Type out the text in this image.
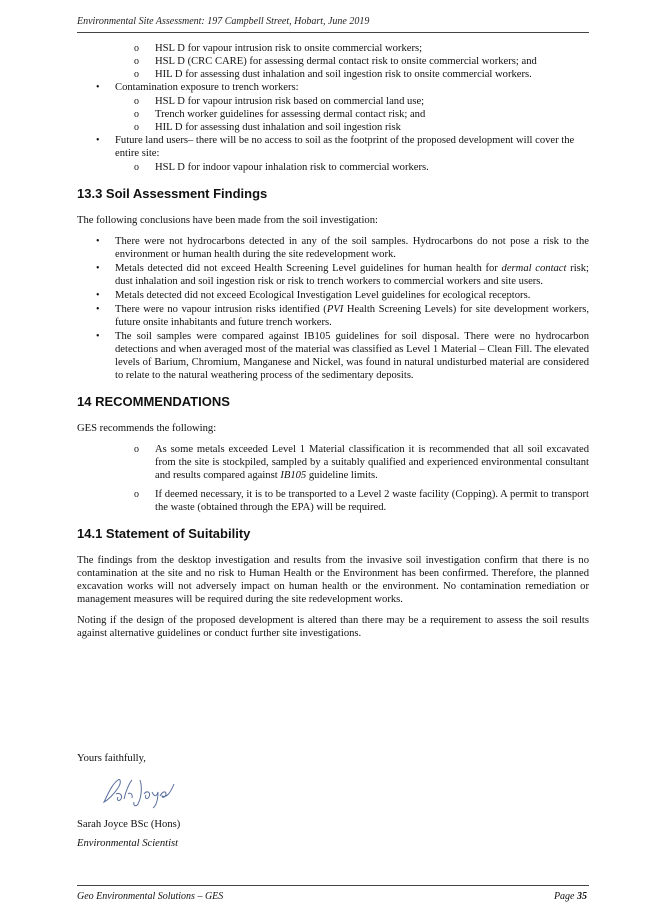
Environmental Site Assessment: 197 Campbell Street, Hobart, June 2019
o HSL D for vapour intrusion risk to onsite commercial workers;
o HSL D (CRC CARE) for assessing dermal contact risk to onsite commercial workers; and
o HIL D for assessing dust inhalation and soil ingestion risk to onsite commercial workers.
• Contamination exposure to trench workers:
o HSL D for vapour intrusion risk based on commercial land use;
o Trench worker guidelines for assessing dermal contact risk; and
o HIL D for assessing dust inhalation and soil ingestion risk
• Future land users– there will be no access to soil as the footprint of the proposed development will cover the entire site:
o HSL D for indoor vapour inhalation risk to commercial workers.
13.3 Soil Assessment Findings

The following conclusions have been made from the soil investigation:

• There were not hydrocarbons detected in any of the soil samples. Hydrocarbons do not pose a risk to the environment or human health during the site redevelopment work.
• Metals detected did not exceed Health Screening Level guidelines for human health for dermal contact risk; dust inhalation and soil ingestion risk or risk to trench workers to commercial workers and site users.
• Metals detected did not exceed Ecological Investigation Level guidelines for ecological receptors.
• There were no vapour intrusion risks identified (PVI Health Screening Levels) for site development workers, future onsite inhabitants and future trench workers.
• The soil samples were compared against IB105 guidelines for soil disposal. There were no hydrocarbon detections and when averaged most of the material was classified as Level 1 Material – Clean Fill. The elevated levels of Barium, Chromium, Manganese and Nickel, was found in natural undisturbed material are considered to relate to the natural weathering process of the sedimentary deposits.
14 RECOMMENDATIONS

GES recommends the following:

o As some metals exceeded Level 1 Material classification it is recommended that all soil excavated from the site is stockpiled, sampled by a suitably qualified and experienced environmental consultant and results compared against IB105 guideline limits.
o If deemed necessary, it is to be transported to a Level 2 waste facility (Copping). A permit to transport the waste (obtained through the EPA) will be required.
14.1 Statement of Suitability

The findings from the desktop investigation and results from the invasive soil investigation confirm that there is no contamination at the site and no risk to Human Health or the Environment has been confirmed. Therefore, the planned excavation works will not adversely impact on human health or the environment. No contamination remediation or management measures will be required during the site redevelopment works.

Noting if the design of the proposed development is altered than there may be a requirement to assess the soil results against alternative guidelines or conduct further site investigations.

Yours faithfully,
Sarah Joyce
Sarah Joyce BSc (Hons)
Environmental Scientist
Geo Environmental Solutions – GES	Page 35
